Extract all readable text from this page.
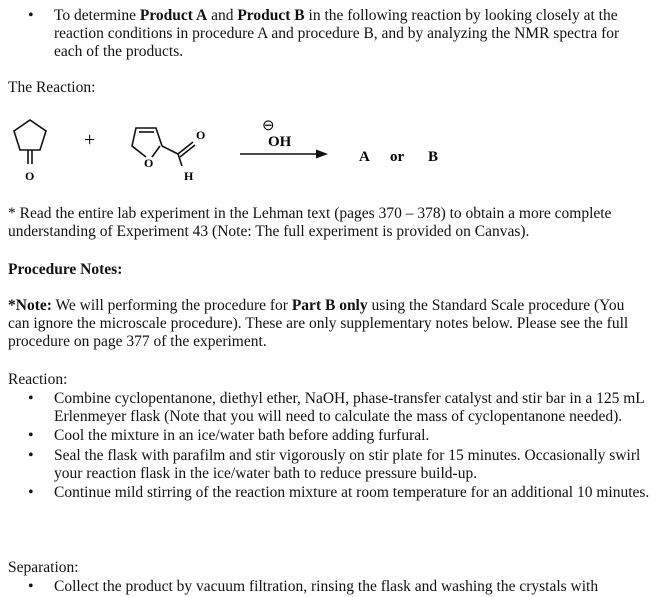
• To determine Product A and Product B in the following reaction by looking closely at the reaction conditions in procedure A and procedure B, and by analyzing the NMR spectra for each of the products.
The Reaction:
O
+
O
O
H
⊖
OH
A or B
* Read the entire lab experiment in the Lehman text (pages 370 – 378) to obtain a more complete understanding of Experiment 43 (Note: The full experiment is provided on Canvas).
Procedure Notes:
*Note: We will performing the procedure for Part B only using the Standard Scale procedure (You can ignore the microscale procedure). These are only supplementary notes below. Please see the full procedure on page 377 of the experiment.
Reaction:
• Combine cyclopentanone, diethyl ether, NaOH, phase-transfer catalyst and stir bar in a 125 mL Erlenmeyer flask (Note that you will need to calculate the mass of cyclopentanone needed).
• Cool the mixture in an ice/water bath before adding furfural.
• Seal the flask with parafilm and stir vigorously on stir plate for 15 minutes. Occasionally swirl your reaction flask in the ice/water bath to reduce pressure build-up.
• Continue mild stirring of the reaction mixture at room temperature for an additional 10 minutes.
Separation:
• Collect the product by vacuum filtration, rinsing the flask and washing the crystals with
